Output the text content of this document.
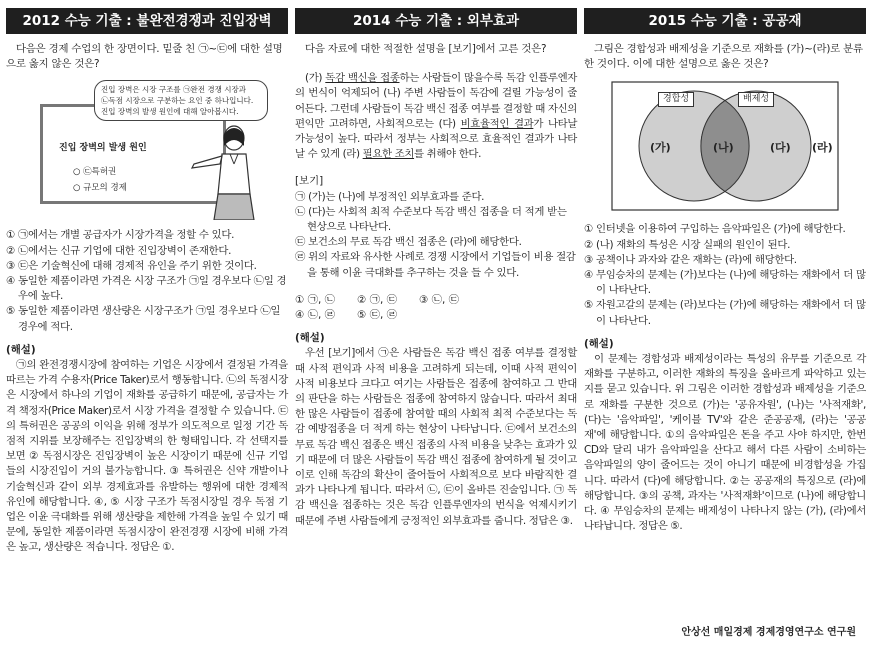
2012 수능 기출 : 불완전경쟁과 진입장벽

다음은 경제 수업의 한 장면이다. 밑줄 친 ㉠~㉢에 대한 설명으로 옳지 않은 것은?

진입 장벽의 발생 원인
○ ㉢특허권
○ 규모의 경제
진입 장벽은 시장 구조를 ㉠완전 경쟁 시장과
㉡독점 시장으로 구분하는 요인 중 하나입니다.
진입 장벽의 발생 원인에 대해 알아봅시다.

① ㉠에서는 개별 공급자가 시장가격을 정할 수 있다.

② ㉡에서는 신규 기업에 대한 진입장벽이 존재한다.

③ ㉢은 기술혁신에 대해 경제적 유인을 주기 위한 것이다.

④ 동일한 제품이라면 가격은 시장 구조가 ㉠일 경우보다 ㉡일 경우에 높다.

⑤ 동일한 제품이라면 생산량은 시장구조가 ㉠일 경우보다 ㉡일 경우에 적다.

(해설)

㉠의 완전경쟁시장에 참여하는 기업은 시장에서 결정된 가격을 따르는 가격 수용자(Price Taker)로서 행동합니다. ㉡의 독점시장은 시장에서 하나의 기업이 재화를 공급하기 때문에, 공급자는 가격 책정자(Price Maker)로서 시장 가격을 결정할 수 있습니다. ㉢의 특허권은 공공의 이익을 위해 정부가 의도적으로 일정 기간 독점적 지위를 보장해주는 진입장벽의 한 형태입니다. 각 선택지를 보면 ② 독점시장은 진입장벽이 높은 시장이기 때문에 신규 기업들의 시장진입이 거의 불가능합니다. ③ 특허권은 신약 개발이나 기술혁신과 같이 외부 경제효과를 유발하는 행위에 대한 경제적 유인에 해당합니다. ④, ⑤ 시장 구조가 독점시장일 경우 독점 기업은 이윤 극대화를 위해 생산량을 제한해 가격을 높일 수 있기 때문에, 동일한 제품이라면 독점시장이 완전경쟁 시장에 비해 가격은 높고, 생산량은 적습니다. 정답은 ①.

2014 수능 기출 : 외부효과

다음 자료에 대한 적절한 설명을 [보기]에서 고른 것은?

(가) 독감 백신을 접종하는 사람들이 많을수록 독감 인플루엔자의 번식이 억제되어 (나) 주변 사람들이 독감에 걸릴 가능성이 줄어든다. 그런데 사람들이 독감 백신 접종 여부를 결정할 때 자신의 편익만 고려하면, 사회적으로는 (다) 비효율적인 결과가 나타날 가능성이 높다. 따라서 정부는 사회적으로 효율적인 결과가 나타날 수 있게 (라) 필요한 조치를 취해야 한다.

[보기]

㉠ (가)는 (나)에 부정적인 외부효과를 준다.

㉡ (다)는 사회적 최적 수준보다 독감 백신 접종을 더 적게 받는 현상으로 나타난다.

㉢ 보건소의 무료 독감 백신 접종은 (라)에 해당한다.

㉣ 위의 자료와 유사한 사례로 경쟁 시장에서 기업들이 비용 절감을 통해 이윤 극대화를 추구하는 것을 들 수 있다.

① ㉠, ㉡	② ㉠, ㉢	③ ㉡, ㉢
④ ㉡, ㉣	⑤ ㉢, ㉣

(해설)

우선 [보기]에서 ㉠은 사람들은 독감 백신 접종 여부를 결정할 때 사적 편익과 사적 비용을 고려하게 되는데, 이때 사적 편익이 사적 비용보다 크다고 여기는 사람들은 접종에 참여하고 그 반대의 판단을 하는 사람들은 접종에 참여하지 않습니다. 따라서 최대한 많은 사람들이 접종에 참여할 때의 사회적 최적 수준보다는 독감 예방접종을 더 적게 하는 현상이 나타납니다. ㉢에서 보건소의 무료 독감 백신 접종은 백신 접종의 사적 비용을 낮추는 효과가 있기 때문에 더 많은 사람들이 독감 백신 접종에 참여하게 될 것이고 이로 인해 독감의 확산이 줄어들어 사회적으로 보다 바람직한 결과가 나타나게 됩니다. 따라서 ㉡, ㉢이 올바른 진술입니다. ㉠ 독감 백신을 접종하는 것은 독감 인플루엔자의 번식을 억제시키기 때문에 주변 사람들에게 긍정적인 외부효과를 줍니다. 정답은 ③.

2015 수능 기출 : 공공재

그림은 경합성과 배제성을 기준으로 재화를 (가)~(라)로 분류한 것이다. 이에 대한 설명으로 옳은 것은?

경합성	배제성
(가)	(나)	(다) (라)

① 인터넷을 이용하여 구입하는 음악파일은 (가)에 해당한다.

② (나) 재화의 특성은 시장 실패의 원인이 된다.

③ 공책이나 과자와 같은 재화는 (라)에 해당한다.

④ 무임승차의 문제는 (가)보다는 (나)에 해당하는 재화에서 더 많이 나타난다.

⑤ 자원고갈의 문제는 (라)보다는 (가)에 해당하는 재화에서 더 많이 나타난다.

(해설)

이 문제는 경합성과 배제성이라는 특성의 유무를 기준으로 각 재화를 구분하고, 이러한 재화의 특징을 올바르게 파악하고 있는지를 묻고 있습니다. 위 그림은 이러한 경합성과 배제성을 기준으로 재화를 구분한 것으로 (가)는 '공유자원', (나)는 '사적재화', (다)는 '음악파일', '케이블 TV'와 같은 준공공재, (라)는 '공공재'에 해당합니다. ①의 음악파일은 돈을 주고 사야 하지만, 한번CD와 달리 내가 음악파일을 산다고 해서 다른 사람이 소비하는 음악파일의 양이 줄어드는 것이 아니기 때문에 비경합성을 가집니다. 따라서 (다)에 해당합니다. ②는 공공재의 특징으로 (라)에 해당합니다. ③의 공책, 과자는 '사적재화'이므로 (나)에 해당합니다. ④ 무임승차의 문제는 배제성이 나타나지 않는 (가), (라)에서 나타납니다. 정답은 ⑤.

안상선 매일경제 경제경영연구소 연구원
